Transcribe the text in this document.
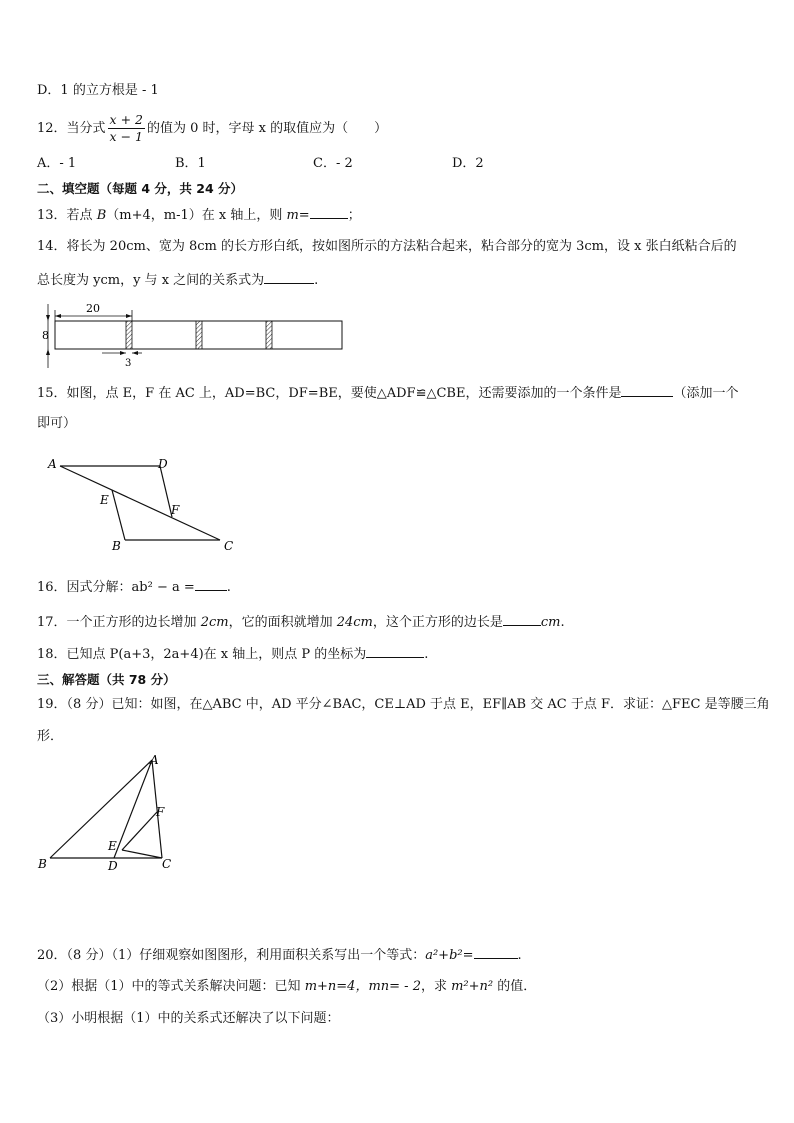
D．1 的立方根是 - 1
12．当分式 $\frac{x + 2}{x - 1}$ 的值为 0 时，字母 x 的取值应为（　　）
A．- 1	B．1	C．- 2	D．2
二、填空题（每题 4 分，共 24 分）
13．若点 B（m+4，m-1）在 x 轴上，则 m=	；
14．将长为 20cm、宽为 8cm 的长方形白纸，按如图所示的方法粘合起来，粘合部分的宽为 3cm，设 x 张白纸粘合后的
总长度为 ycm，y 与 x 之间的关系式为	.
20
8
3
15．如图，点 E，F 在 AC 上，AD=BC，DF=BE，要使△ADF≌△CBE，还需要添加的一个条件是	（添加一个
即可）
A	D
E
F
B	C
16．因式分解：ab² − a = .
17．一个正方形的边长增加 2cm，它的面积就增加 24cm，这个正方形的边长是	cm.
18．已知点 P(a+3，2a+4)在 x 轴上，则点 P 的坐标为	.
三、解答题（共 78 分）
19．（8 分）已知：如图，在△ABC 中，AD 平分∠BAC，CE⊥AD 于点 E，EF∥AB 交 AC 于点 F．求证：△FEC 是等腰三角
形．
A
F
E
B	D	C
20．（8 分）（1）仔细观察如图图形，利用面积关系写出一个等式：a²+b²=	.
（2）根据（1）中的等式关系解决问题：已知 m+n=4，mn= - 2，求 m²+n² 的值．
（3）小明根据（1）中的关系式还解决了以下问题：
